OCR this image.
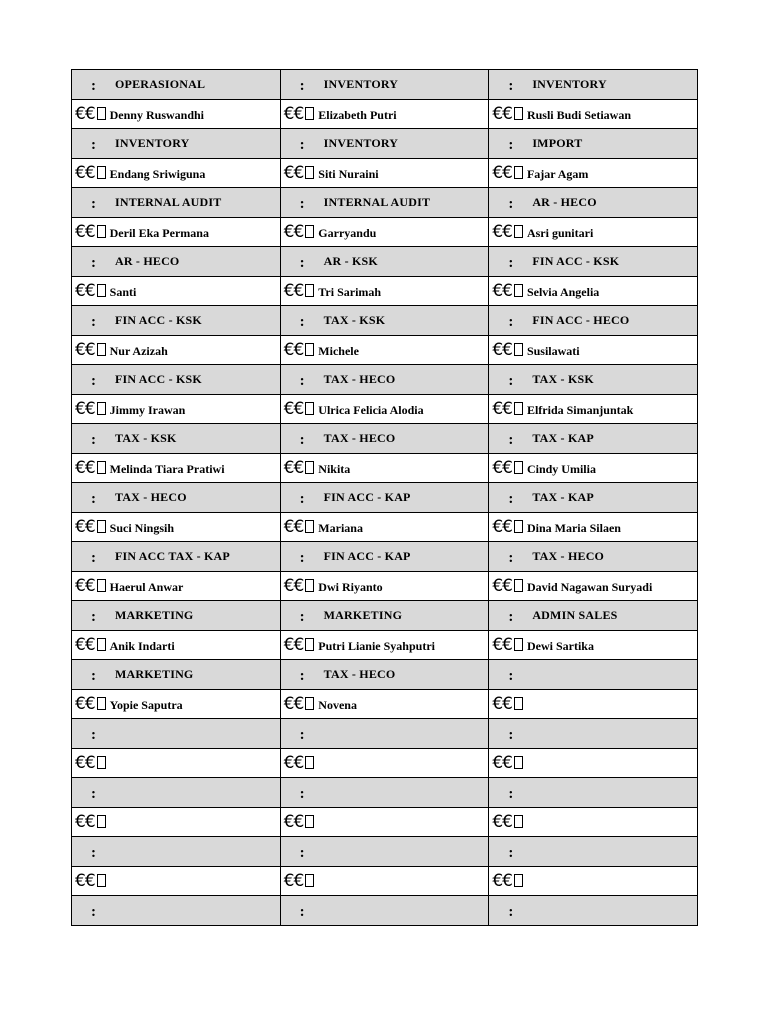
: OPERASIONAL	: INVENTORY	: INVENTORY
€€ Denny Ruswandhi	€€ Elizabeth Putri	€€ Rusli Budi Setiawan
: INVENTORY	: INVENTORY	: IMPORT
€€ Endang Sriwiguna	€€ Siti Nuraini	€€ Fajar Agam
: INTERNAL AUDIT	: INTERNAL AUDIT	: AR - HECO
€€ Deril Eka Permana	€€ Garryandu	€€ Asri gunitari
: AR - HECO	: AR - KSK	: FIN ACC - KSK
€€ Santi	€€ Tri Sarimah	€€ Selvia Angelia
: FIN ACC - KSK	: TAX - KSK	: FIN ACC - HECO
€€ Nur Azizah	€€ Michele	€€ Susilawati
: FIN ACC - KSK	: TAX - HECO	: TAX - KSK
€€ Jimmy Irawan	€€ Ulrica Felicia Alodia	€€ Elfrida Simanjuntak
: TAX - KSK	: TAX - HECO	: TAX - KAP
€€ Melinda Tiara Pratiwi	€€ Nikita	€€ Cindy Umilia
: TAX - HECO	: FIN ACC - KAP	: TAX - KAP
€€ Suci Ningsih	€€ Mariana	€€ Dina Maria Silaen
: FIN ACC TAX - KAP	: FIN ACC - KAP	: TAX - HECO
€€ Haerul Anwar	€€ Dwi Riyanto	€€ David Nagawan Suryadi
: MARKETING	: MARKETING	: ADMIN SALES
€€ Anik Indarti	€€ Putri Lianie Syahputri	€€ Dewi Sartika
: MARKETING	: TAX - HECO	:
€€ Yopie Saputra	€€ Novena	€€
:	:	:
€€	€€	€€
:	:	:
€€	€€	€€
:	:	:
€€	€€	€€
:	:	:
